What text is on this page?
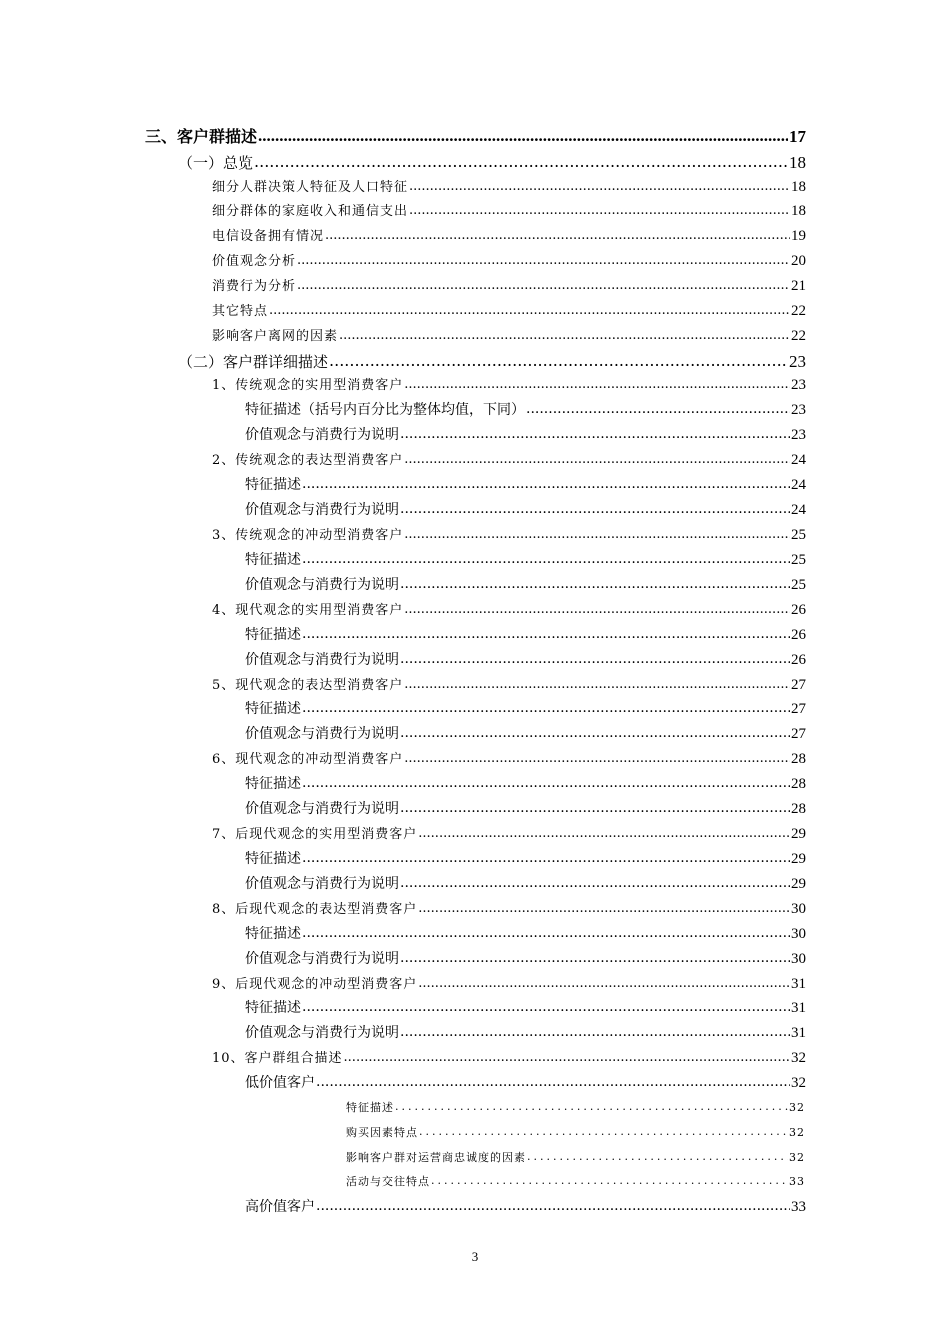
三、客户群描述 .....	17
（一）总览 .....	18
细分人群决策人特征及人口特征 .....	18
细分群体的家庭收入和通信支出 .....	18
电信设备拥有情况 .....	19
价值观念分析 .....	20
消费行为分析 .....	21
其它特点 .....	22
影响客户离网的因素 .....	22
（二）客户群详细描述 .....	23
1、传统观念的实用型消费客户 .....	23
特征描述（括号内百分比为整体均值，下同） .....	23
价值观念与消费行为说明 .....	23
2、传统观念的表达型消费客户 .....	24
特征描述 .....	24
价值观念与消费行为说明 .....	24
3、传统观念的冲动型消费客户 .....	25
特征描述 .....	25
价值观念与消费行为说明 .....	25
4、现代观念的实用型消费客户 .....	26
特征描述 .....	26
价值观念与消费行为说明 .....	26
5、现代观念的表达型消费客户 .....	27
特征描述 .....	27
价值观念与消费行为说明 .....	27
6、现代观念的冲动型消费客户 .....	28
特征描述 .....	28
价值观念与消费行为说明 .....	28
7、后现代观念的实用型消费客户 .....	29
特征描述 .....	29
价值观念与消费行为说明 .....	29
8、后现代观念的表达型消费客户 .....	30
特征描述 .....	30
价值观念与消费行为说明 .....	30
9、后现代观念的冲动型消费客户 .....	31
特征描述 .....	31
价值观念与消费行为说明 .....	31
10、客户群组合描述 .....	32
低价值客户 .....	32
特征描述 .....	32
购买因素特点 .....	32
影响客户群对运营商忠诚度的因素 .....	32
活动与交往特点 .....	33
高价值客户 .....	33
3
